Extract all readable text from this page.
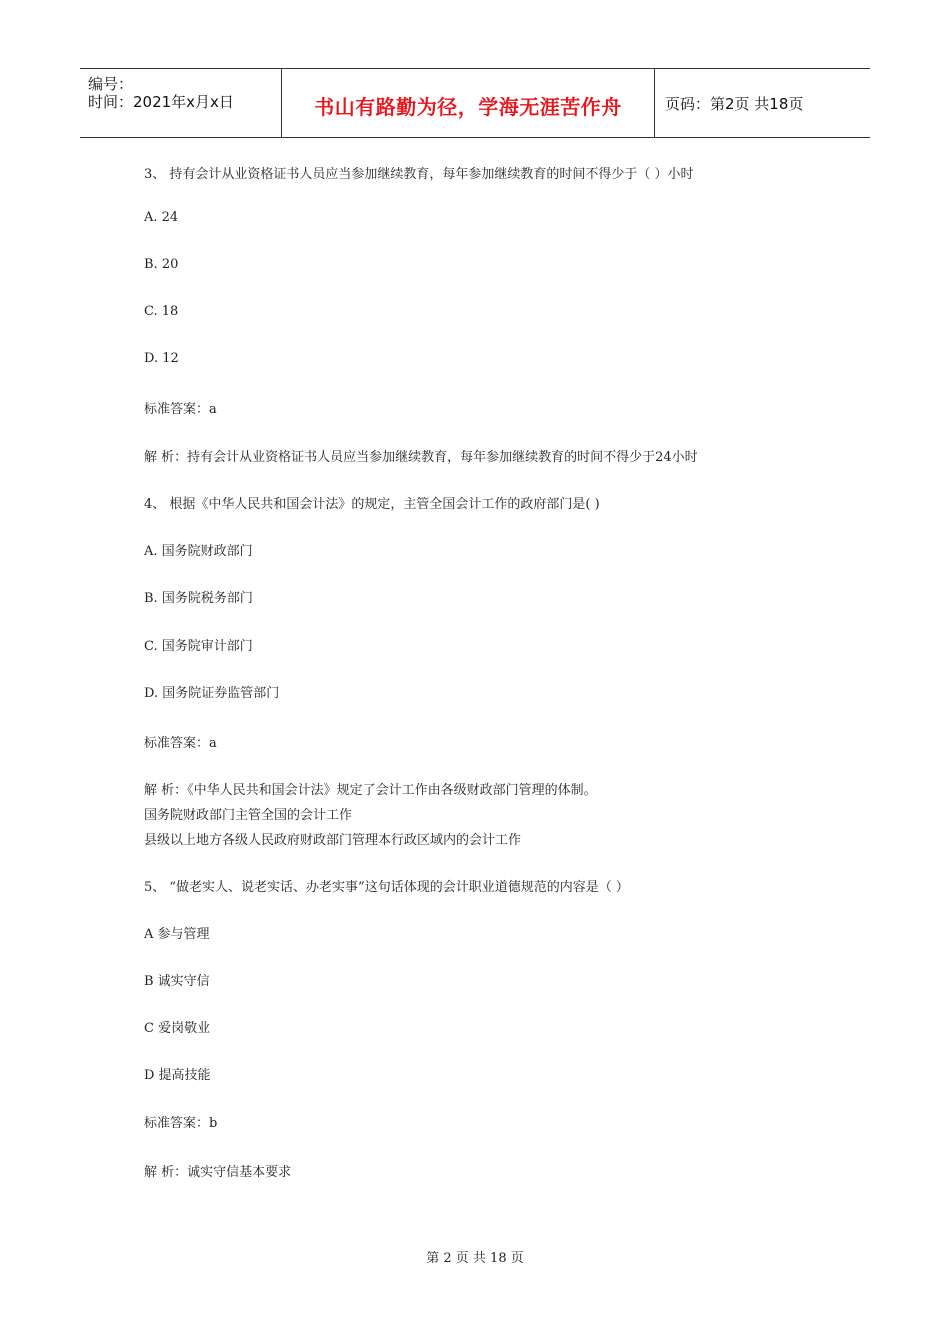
编号：
时间：2021年x月x日	书山有路勤为径，学海无涯苦作舟	页码：第2页 共18页
3、 持有会计从业资格证书人员应当参加继续教育，每年参加继续教育的时间不得少于（ ）小时
A. 24
B. 20
C. 18
D. 12
标准答案：a
解 析：持有会计从业资格证书人员应当参加继续教育，每年参加继续教育的时间不得少于24小时
4、 根据《中华人民共和国会计法》的规定，主管全国会计工作的政府部门是( )
A. 国务院财政部门
B. 国务院税务部门
C. 国务院审计部门
D. 国务院证券监管部门
标准答案：a
解 析：《中华人民共和国会计法》规定了会计工作由各级财政部门管理的体制。
国务院财政部门主管全国的会计工作
县级以上地方各级人民政府财政部门管理本行政区域内的会计工作
5、 “做老实人、说老实话、办老实事”这句话体现的会计职业道德规范的内容是（ ）
A 参与管理
B 诚实守信
C 爱岗敬业
D 提高技能
标准答案：b
解 析：诚实守信基本要求
第 2 页 共 18 页
